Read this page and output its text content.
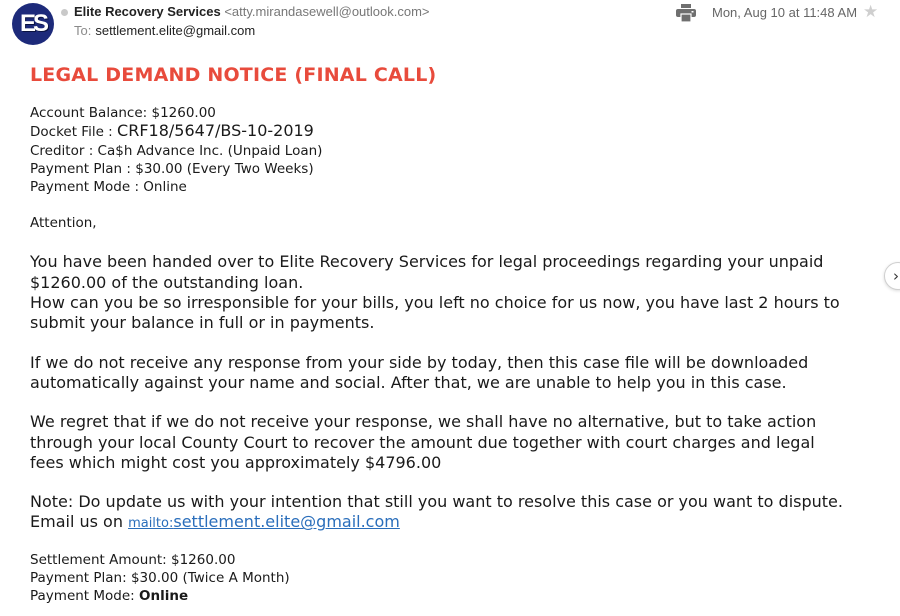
ES	Elite Recovery Services <atty.mirandasewell@outlook.com>
To: settlement.elite@gmail.com
Mon, Aug 10 at 11:48 AM ★
›
LEGAL DEMAND NOTICE (FINAL CALL)
Account Balance: $1260.00
Docket File : CRF18/5647/BS-10-2019
Creditor : Ca$h Advance Inc. (Unpaid Loan)
Payment Plan : $30.00 (Every Two Weeks)
Payment Mode : Online
Attention,
You have been handed over to Elite Recovery Services for legal proceedings regarding your unpaid
$1260.00 of the outstanding loan.
How can you be so irresponsible for your bills, you left no choice for us now, you have last 2 hours to
submit your balance in full or in payments.
If we do not receive any response from your side by today, then this case file will be downloaded
automatically against your name and social. After that, we are unable to help you in this case.
We regret that if we do not receive your response, we shall have no alternative, but to take action
through your local County Court to recover the amount due together with court charges and legal
fees which might cost you approximately $4796.00
Note: Do update us with your intention that still you want to resolve this case or you want to dispute.
Email us on mailto:settlement.elite@gmail.com
Settlement Amount: $1260.00
Payment Plan: $30.00 (Twice A Month)
Payment Mode: Online
